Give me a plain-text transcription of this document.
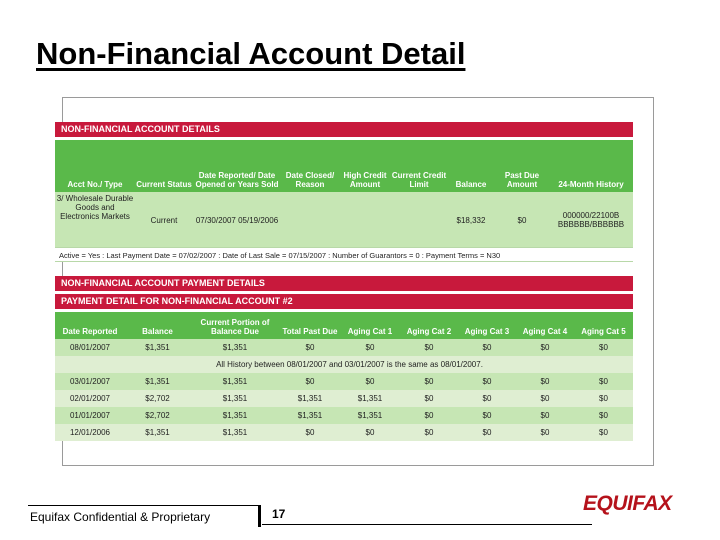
Non-Financial Account Detail
NON-FINANCIAL ACCOUNT DETAILS
Acct No./ Type	Current Status	Date Reported/ Date Opened or Years Sold	Date Closed/ Reason	High Credit Amount	Current Credit Limit	Balance	Past Due Amount	24-Month History
3/ Wholesale Durable Goods and Electronics Markets	Current	07/30/2007 05/19/2006				$18,332	$0	000000/22100B BBBBBB/BBBBBB
Active = Yes : Last Payment Date = 07/02/2007 : Date of Last Sale = 07/15/2007 : Number of Guarantors = 0 : Payment Terms = N30
NON-FINANCIAL ACCOUNT PAYMENT DETAILS
PAYMENT DETAIL FOR NON-FINANCIAL ACCOUNT #2
Date Reported	Balance	Current Portion of Balance Due	Total Past Due	Aging Cat 1	Aging Cat 2	Aging Cat 3	Aging Cat 4	Aging Cat 5
08/01/2007	$1,351	$1,351	$0	$0	$0	$0	$0	$0
	All History between 08/01/2007 and 03/01/2007 is the same as 08/01/2007.							
03/01/2007	$1,351	$1,351	$0	$0	$0	$0	$0	$0
02/01/2007	$2,702	$1,351	$1,351	$1,351	$0	$0	$0	$0
01/01/2007	$2,702	$1,351	$1,351	$1,351	$0	$0	$0	$0
12/01/2006	$1,351	$1,351	$0	$0	$0	$0	$0	$0
Equifax Confidential & Proprietary	17	EQUIFAX
